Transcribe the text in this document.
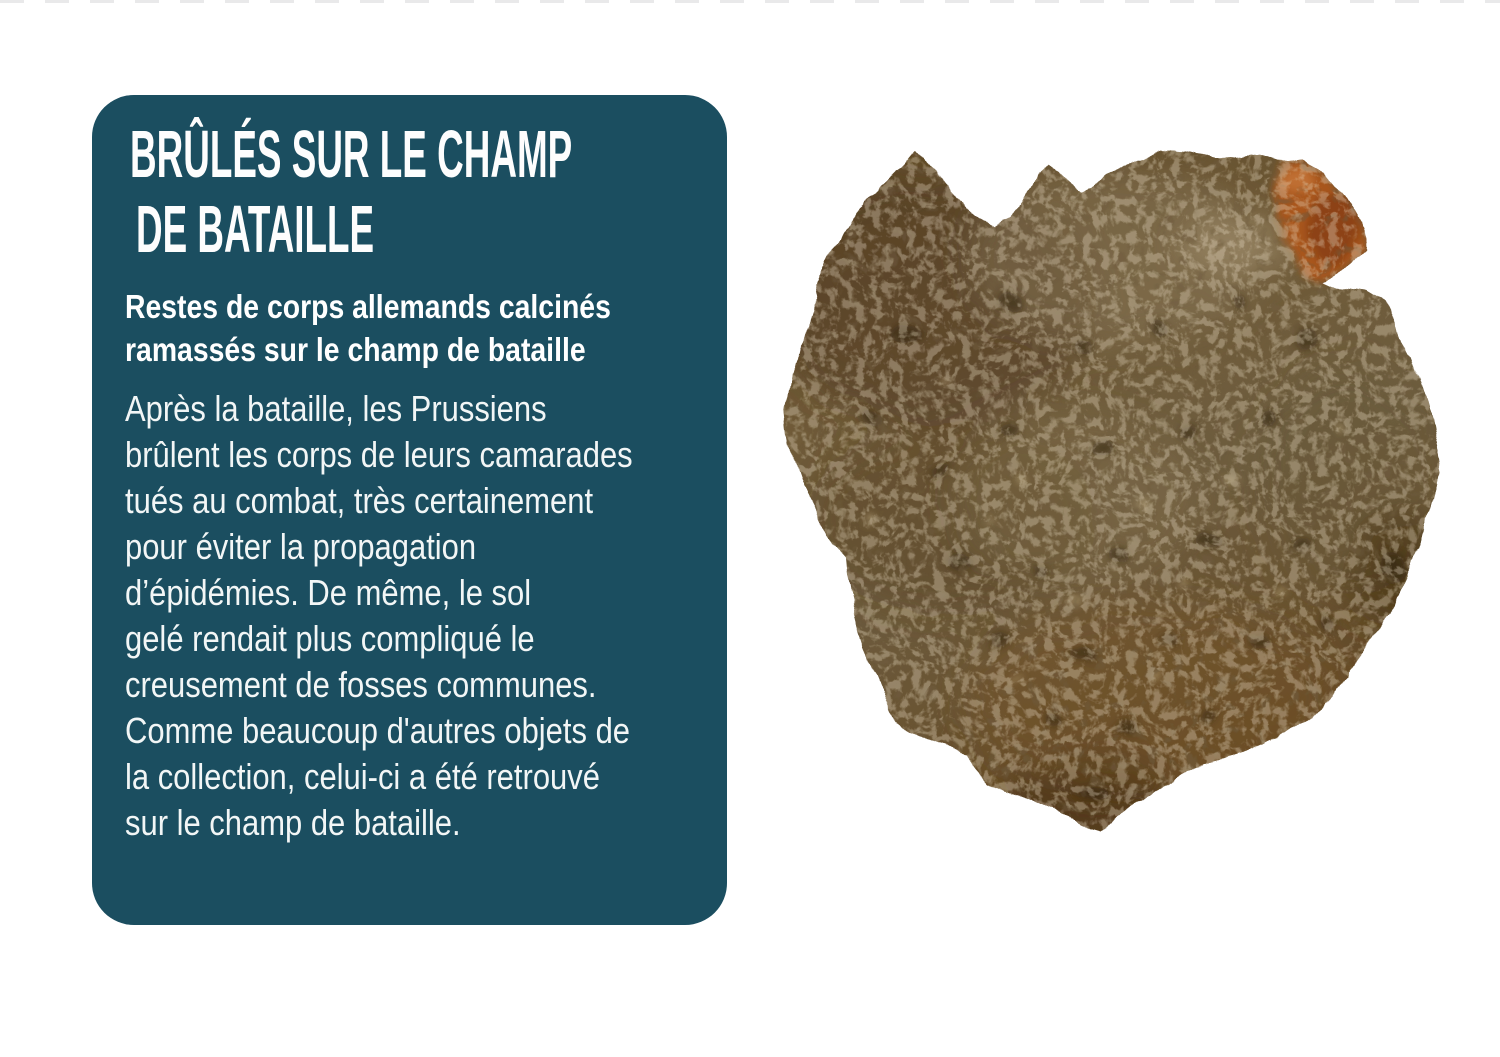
BRÛLÉS SUR LE CHAMP
DE BATAILLE
Restes de corps allemands calcinés
ramassés sur le champ de bataille
Après la bataille, les Prussiens
brûlent les corps de leurs camarades
tués au combat, très certainement
pour éviter la propagation
d’épidémies. De même, le sol
gelé rendait plus compliqué le
creusement de fosses communes.
Comme beaucoup d'autres objets de
la collection, celui-ci a été retrouvé
sur le champ de bataille.
